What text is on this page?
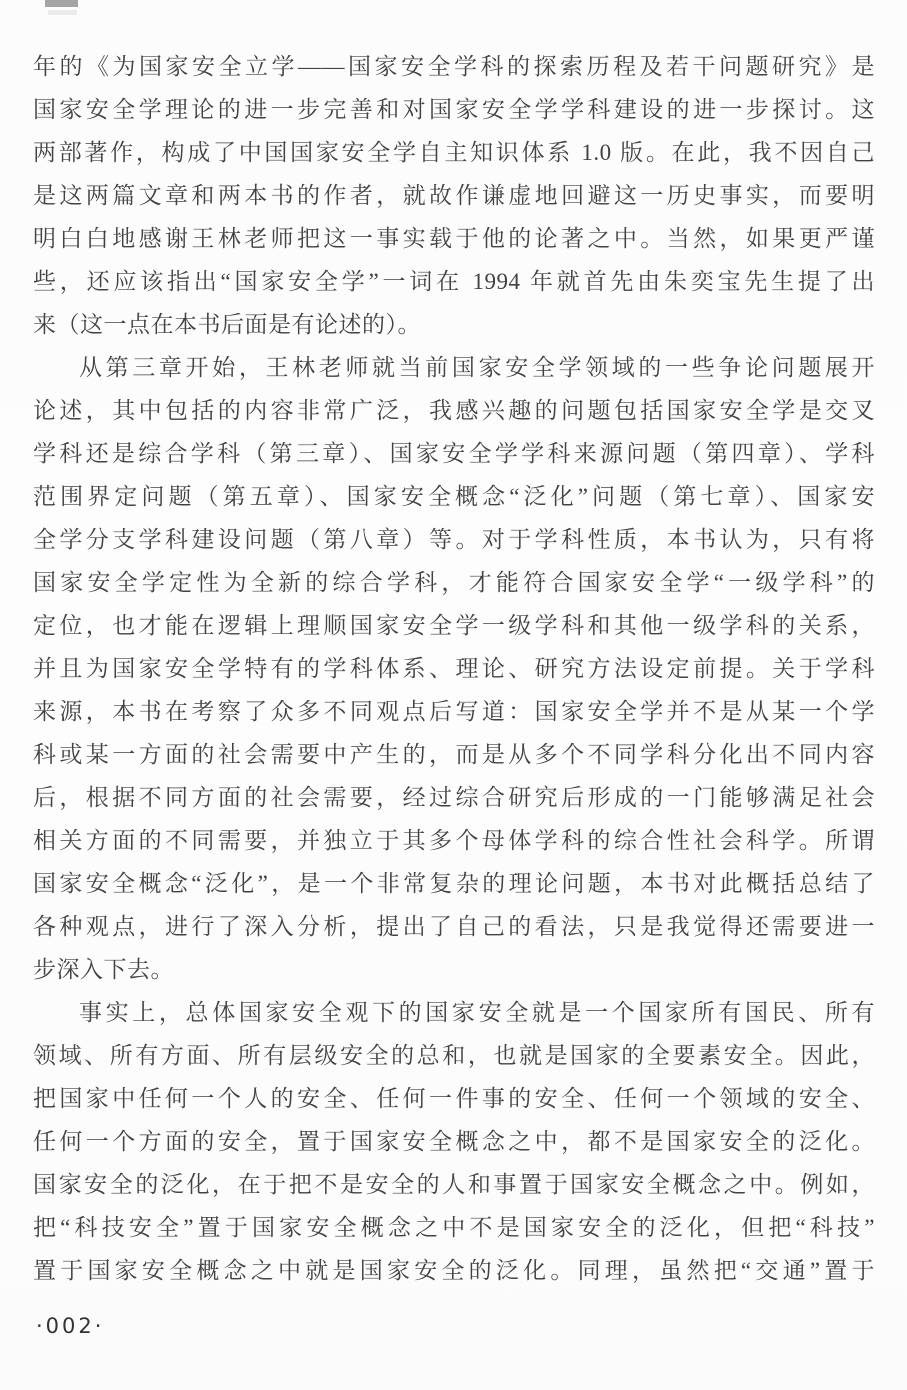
年的《为国家安全立学——国家安全学科的探索历程及若干问题研究》是
国家安全学理论的进一步完善和对国家安全学学科建设的进一步探讨。这
两部著作，构成了中国国家安全学自主知识体系 1.0 版。在此，我不因自己
是这两篇文章和两本书的作者，就故作谦虚地回避这一历史事实，而要明
明白白地感谢王林老师把这一事实载于他的论著之中。当然，如果更严谨
些，还应该指出“国家安全学”一词在 1994 年就首先由朱奕宝先生提了出
来（这一点在本书后面是有论述的）。
从第三章开始，王林老师就当前国家安全学领域的一些争论问题展开
论述，其中包括的内容非常广泛，我感兴趣的问题包括国家安全学是交叉
学科还是综合学科（第三章）、国家安全学学科来源问题（第四章）、学科
范围界定问题（第五章）、国家安全概念“泛化”问题（第七章）、国家安
全学分支学科建设问题（第八章）等。对于学科性质，本书认为，只有将
国家安全学定性为全新的综合学科，才能符合国家安全学“一级学科”的
定位，也才能在逻辑上理顺国家安全学一级学科和其他一级学科的关系，
并且为国家安全学特有的学科体系、理论、研究方法设定前提。关于学科
来源，本书在考察了众多不同观点后写道：国家安全学并不是从某一个学
科或某一方面的社会需要中产生的，而是从多个不同学科分化出不同内容
后，根据不同方面的社会需要，经过综合研究后形成的一门能够满足社会
相关方面的不同需要，并独立于其多个母体学科的综合性社会科学。所谓
国家安全概念“泛化”，是一个非常复杂的理论问题，本书对此概括总结了
各种观点，进行了深入分析，提出了自己的看法，只是我觉得还需要进一
步深入下去。
事实上，总体国家安全观下的国家安全就是一个国家所有国民、所有
领域、所有方面、所有层级安全的总和，也就是国家的全要素安全。因此，
把国家中任何一个人的安全、任何一件事的安全、任何一个领域的安全、
任何一个方面的安全，置于国家安全概念之中，都不是国家安全的泛化。
国家安全的泛化，在于把不是安全的人和事置于国家安全概念之中。例如，
把“科技安全”置于国家安全概念之中不是国家安全的泛化，但把“科技”
置于国家安全概念之中就是国家安全的泛化。同理，虽然把“交通”置于
·002·
